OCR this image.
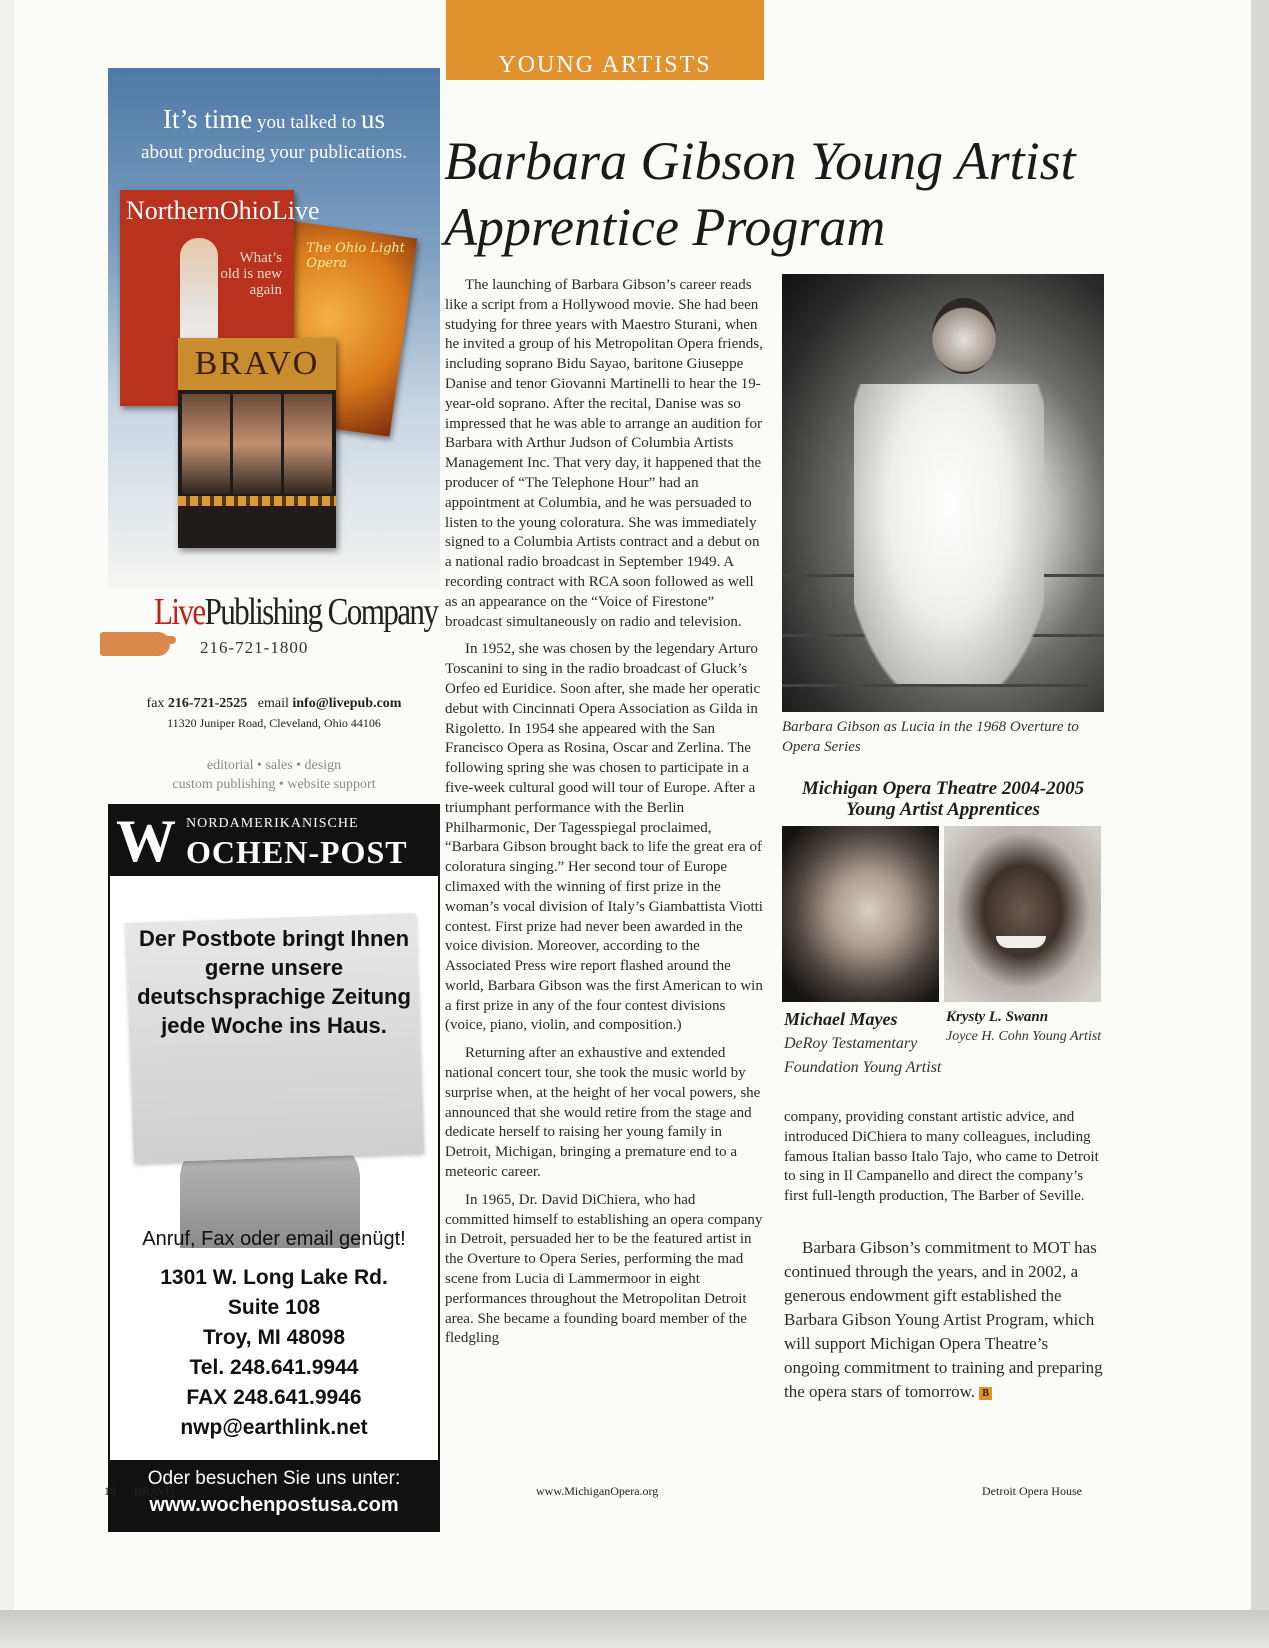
It’s time you talked to us
about producing your publications.
The Ohio Light Opera
NorthernOhioLive
What’s old is new again
BRAVO
LivePublishing Company
216-721-1800
fax 216-721-2525 email info@livepub.com
11320 Juniper Road, Cleveland, Ohio 44106
editorial • sales • design
custom publishing • website support
W NORDAMERIKANISCHE
OCHEN-POST
Der Postbote bringt Ihnen gerne unsere deutschsprachige Zeitung jede Woche ins Haus.
Anruf, Fax oder email genügt!
1301 W. Long Lake Rd.
Suite 108
Troy, MI 48098
Tel. 248.641.9944
FAX 248.641.9946
nwp@earthlink.net
Oder besuchen Sie uns unter:
www.wochenpostusa.com
YOUNG ARTISTS
Barbara Gibson Young Artist Apprentice Program

The launching of Barbara Gibson’s career reads like a script from a Hollywood movie. She had been studying for three years with Maestro Sturani, when he invited a group of his Metropolitan Opera friends, including soprano Bidu Sayao, baritone Giuseppe Danise and tenor Giovanni Martinelli to hear the 19-year-old soprano. After the recital, Danise was so impressed that he was able to arrange an audition for Barbara with Arthur Judson of Columbia Artists Management Inc. That very day, it happened that the producer of “The Telephone Hour” had an appointment at Columbia, and he was persuaded to listen to the young coloratura. She was immediately signed to a Columbia Artists contract and a debut on a national radio broadcast in September 1949. A recording contract with RCA soon followed as well as an appearance on the “Voice of Firestone” broadcast simultaneously on radio and television.

In 1952, she was chosen by the legendary Arturo Toscanini to sing in the radio broadcast of Gluck’s Orfeo ed Euridice. Soon after, she made her operatic debut with Cincinnati Opera Association as Gilda in Rigoletto. In 1954 she appeared with the San Francisco Opera as Rosina, Oscar and Zerlina. The following spring she was chosen to participate in a five-week cultural good will tour of Europe. After a triumphant performance with the Berlin Philharmonic, Der Tagesspiegal proclaimed, “Barbara Gibson brought back to life the great era of coloratura singing.” Her second tour of Europe climaxed with the winning of first prize in the woman’s vocal division of Italy’s Giambattista Viotti contest. First prize had never been awarded in the voice division. Moreover, according to the Associated Press wire report flashed around the world, Barbara Gibson was the first American to win a first prize in any of the four contest divisions (voice, piano, violin, and composition.)

Returning after an exhaustive and extended national concert tour, she took the music world by surprise when, at the height of her vocal powers, she announced that she would retire from the stage and dedicate herself to raising her young family in Detroit, Michigan, bringing a premature end to a meteoric career.

In 1965, Dr. David DiChiera, who had committed himself to establishing an opera company in Detroit, persuaded her to be the featured artist in the Overture to Opera Series, performing the mad scene from Lucia di Lammermoor in eight performances throughout the Metropolitan Detroit area. She became a founding board member of the fledgling

Barbara Gibson as Lucia in the 1968 Overture to Opera Series
Michigan Opera Theatre 2004-2005 Young Artist Apprentices
Michael Mayes
DeRoy Testamentary Foundation Young Artist
Krysty L. Swann
Joyce H. Cohn Young Artist

company, providing constant artistic advice, and introduced DiChiera to many colleagues, including famous Italian basso Italo Tajo, who came to Detroit to sing in Il Campanello and direct the company’s first full-length production, The Barber of Seville.

Barbara Gibson’s commitment to MOT has continued through the years, and in 2002, a generous endowment gift established the Barbara Gibson Young Artist Program, which will support Michigan Opera Theatre’s ongoing commitment to training and preparing the opera stars of tomorrow. B
18 BRAVO	www.MichiganOpera.org	Detroit Opera House
